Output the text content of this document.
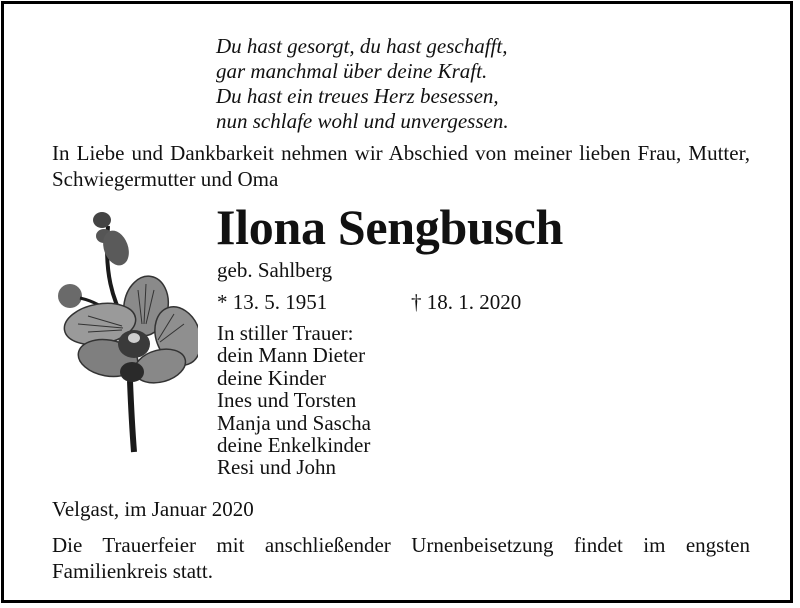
Du hast gesorgt, du hast geschafft,
gar manchmal über deine Kraft.
Du hast ein treues Herz besessen,
nun schlafe wohl und unvergessen.
In Liebe und Dankbarkeit nehmen wir Abschied von meiner lieben Frau, Mutter, Schwiegermutter und Oma
Ilona Sengbusch
geb. Sahlberg
* 13. 5. 1951	† 18. 1. 2020
In stiller Trauer:
dein Mann Dieter
deine Kinder
Ines und Torsten
Manja und Sascha
deine Enkelkinder
Resi und John
Velgast, im Januar 2020
Die Trauerfeier mit anschließender Urnenbeisetzung findet im engsten Familienkreis statt.
